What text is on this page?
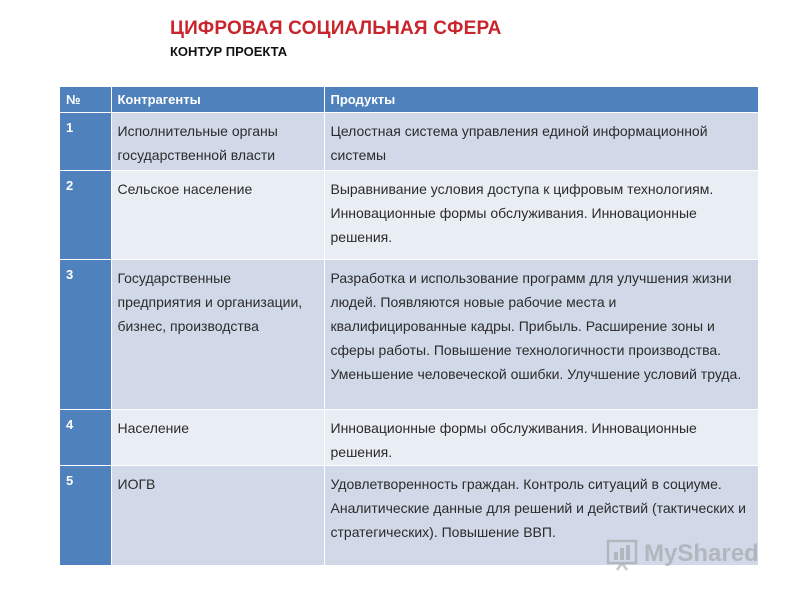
ЦИФРОВАЯ СОЦИАЛЬНАЯ СФЕРА
КОНТУР ПРОЕКТА
№	Контрагенты	Продукты
1	Исполнительные органы государственной власти	Целостная система управления единой информационной системы
2	Сельское население	Выравнивание условия доступа к цифровым технологиям. Инновационные формы обслуживания. Инновационные решения.
3	Государственные предприятия и организации, бизнес, производства	Разработка и использование программ для улучшения жизни людей. Появляются новые рабочие места и квалифицированные кадры. Прибыль. Расширение зоны и сферы работы. Повышение технологичности производства. Уменьшение человеческой ошибки. Улучшение условий труда.
4	Население	Инновационные формы обслуживания. Инновационные решения.
5	ИОГВ	Удовлетворенность граждан. Контроль ситуаций в социуме. Аналитические данные для решений и действий (тактических и стратегических). Повышение ВВП.
MyShared
